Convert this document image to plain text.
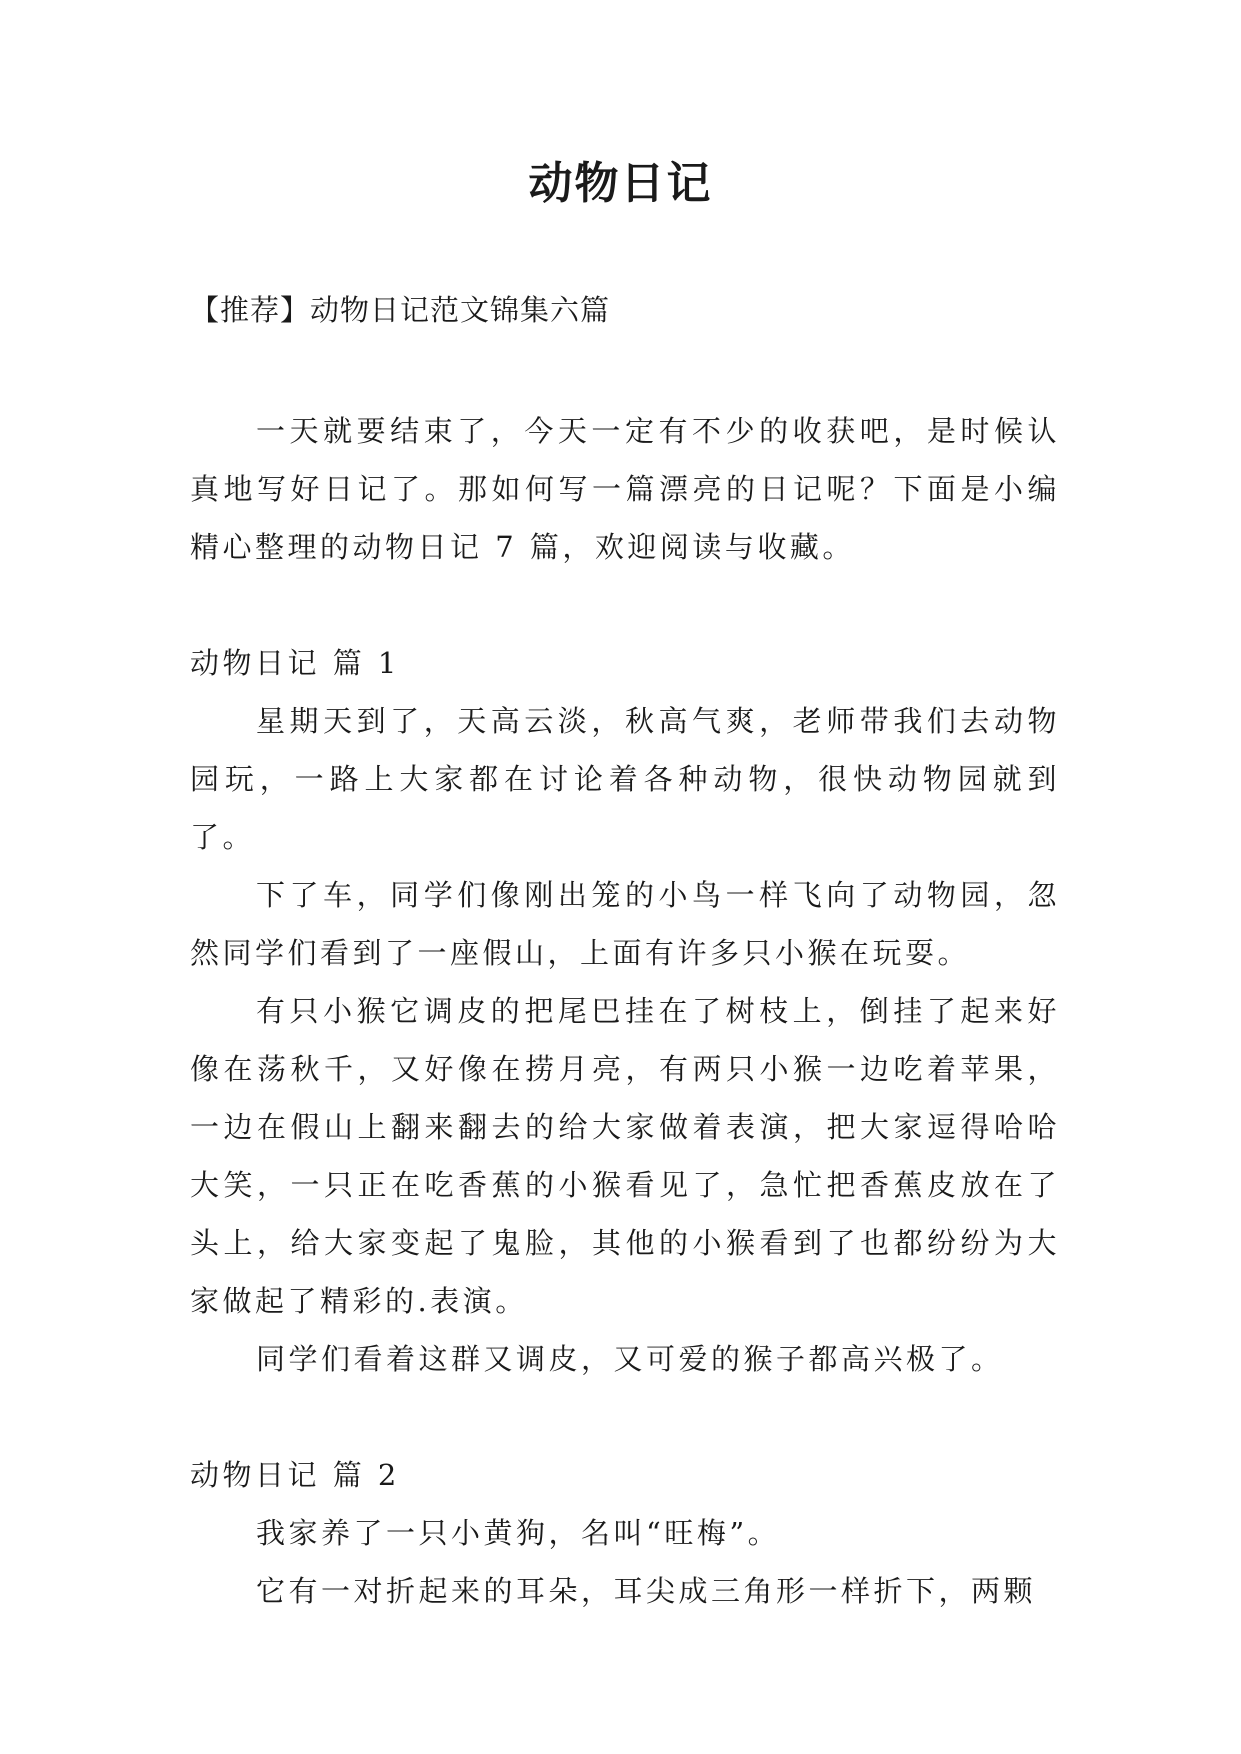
动物日记
【推荐】动物日记范文锦集六篇

一天就要结束了，今天一定有不少的收获吧，是时候认真地写好日记了。那如何写一篇漂亮的日记呢？下面是小编精心整理的动物日记 7 篇，欢迎阅读与收藏。

动物日记 篇 1

星期天到了，天高云淡，秋高气爽，老师带我们去动物园玩，一路上大家都在讨论着各种动物，很快动物园就到了。

下了车，同学们像刚出笼的小鸟一样飞向了动物园，忽然同学们看到了一座假山，上面有许多只小猴在玩耍。

有只小猴它调皮的把尾巴挂在了树枝上，倒挂了起来好像在荡秋千，又好像在捞月亮，有两只小猴一边吃着苹果，一边在假山上翻来翻去的给大家做着表演，把大家逗得哈哈大笑，一只正在吃香蕉的小猴看见了，急忙把香蕉皮放在了头上，给大家变起了鬼脸，其他的小猴看到了也都纷纷为大家做起了精彩的.表演。

同学们看着这群又调皮，又可爱的猴子都高兴极了。

动物日记 篇 2

我家养了一只小黄狗，名叫“旺梅”。

它有一对折起来的耳朵，耳尖成三角形一样折下，两颗
